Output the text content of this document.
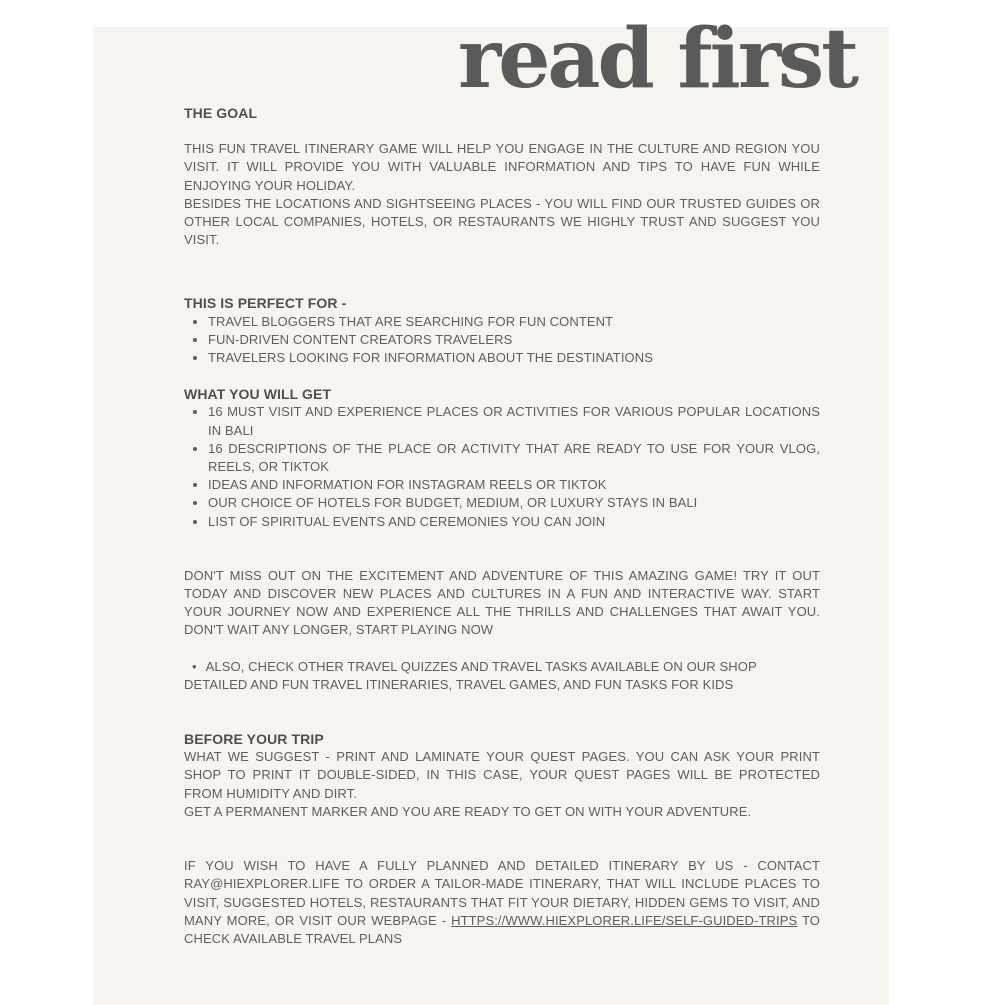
read first
THE GOAL

THIS FUN TRAVEL ITINERARY GAME WILL HELP YOU ENGAGE IN THE CULTURE AND REGION YOU VISIT. IT WILL PROVIDE YOU WITH VALUABLE INFORMATION AND TIPS TO HAVE FUN WHILE ENJOYING YOUR HOLIDAY.

BESIDES THE LOCATIONS AND SIGHTSEEING PLACES - YOU WILL FIND OUR TRUSTED GUIDES OR OTHER LOCAL COMPANIES, HOTELS, OR RESTAURANTS WE HIGHLY TRUST AND SUGGEST YOU VISIT.

THIS IS PERFECT FOR -
• TRAVEL BLOGGERS THAT ARE SEARCHING FOR FUN CONTENT
• FUN-DRIVEN CONTENT CREATORS TRAVELERS
• TRAVELERS LOOKING FOR INFORMATION ABOUT THE DESTINATIONS
WHAT YOU WILL GET
• 16 MUST VISIT AND EXPERIENCE PLACES OR ACTIVITIES FOR VARIOUS POPULAR LOCATIONS IN BALI
• 16 DESCRIPTIONS OF THE PLACE OR ACTIVITY THAT ARE READY TO USE FOR YOUR VLOG, REELS, OR TIKTOK
• IDEAS AND INFORMATION FOR INSTAGRAM REELS OR TIKTOK
• OUR CHOICE OF HOTELS FOR BUDGET, MEDIUM, OR LUXURY STAYS IN BALI
• LIST OF SPIRITUAL EVENTS AND CEREMONIES YOU CAN JOIN

DON'T MISS OUT ON THE EXCITEMENT AND ADVENTURE OF THIS AMAZING GAME! TRY IT OUT TODAY AND DISCOVER NEW PLACES AND CULTURES IN A FUN AND INTERACTIVE WAY. START YOUR JOURNEY NOW AND EXPERIENCE ALL THE THRILLS AND CHALLENGES THAT AWAIT YOU. DON'T WAIT ANY LONGER, START PLAYING NOW

• ALSO, CHECK OTHER TRAVEL QUIZZES AND TRAVEL TASKS AVAILABLE ON OUR SHOP

DETAILED AND FUN TRAVEL ITINERARIES, TRAVEL GAMES, AND FUN TASKS FOR KIDS

BEFORE YOUR TRIP

WHAT WE SUGGEST - PRINT AND LAMINATE YOUR QUEST PAGES. YOU CAN ASK YOUR PRINT SHOP TO PRINT IT DOUBLE-SIDED, IN THIS CASE, YOUR QUEST PAGES WILL BE PROTECTED FROM HUMIDITY AND DIRT.

GET A PERMANENT MARKER AND YOU ARE READY TO GET ON WITH YOUR ADVENTURE.

IF YOU WISH TO HAVE A FULLY PLANNED AND DETAILED ITINERARY BY US - CONTACT RAY@HIEXPLORER.LIFE TO ORDER A TAILOR-MADE ITINERARY, THAT WILL INCLUDE PLACES TO VISIT, SUGGESTED HOTELS, RESTAURANTS THAT FIT YOUR DIETARY, HIDDEN GEMS TO VISIT, AND MANY MORE, OR VISIT OUR WEBPAGE - HTTPS://WWW.HIEXPLORER.LIFE/SELF-GUIDED-TRIPS TO CHECK AVAILABLE TRAVEL PLANS
